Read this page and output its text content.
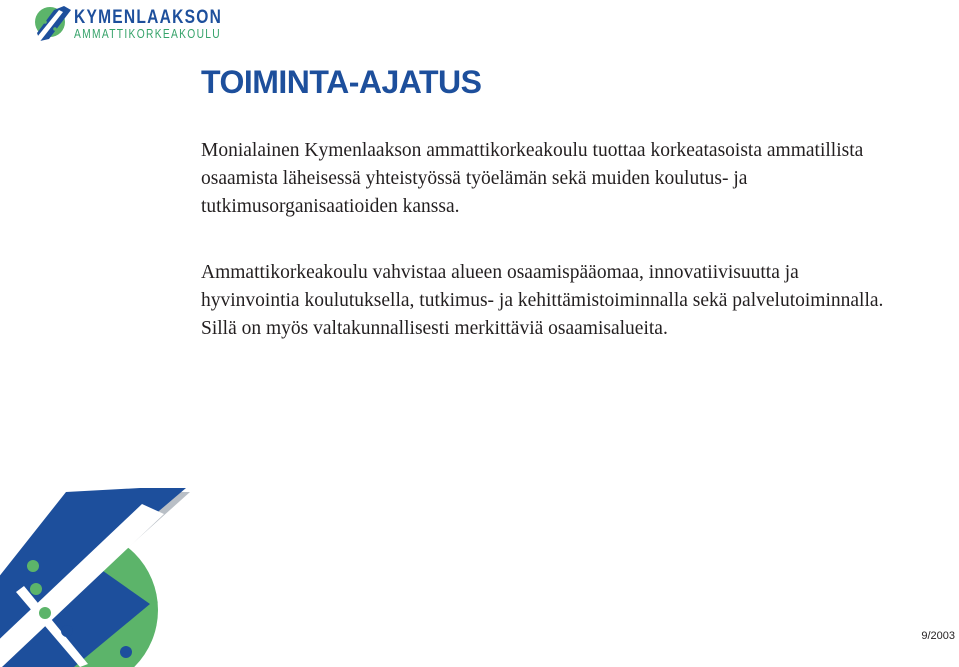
KYMENLAAKSON
AMMATTIKORKEAKOULU
TOIMINTA-AJATUS

Monialainen Kymenlaakson ammattikorkeakoulu tuottaa korkeatasoista ammatillista osaamista läheisessä yhteistyössä työelämän sekä muiden koulutus- ja tutkimusorganisaatioiden kanssa.

Ammattikorkeakoulu vahvistaa alueen osaamispääomaa, innovatiivisuutta ja hyvinvointia koulutuksella, tutkimus- ja kehittämistoiminnalla sekä palvelutoiminnalla. Sillä on myös valtakunnallisesti merkittäviä osaamisalueita.

9/2003
